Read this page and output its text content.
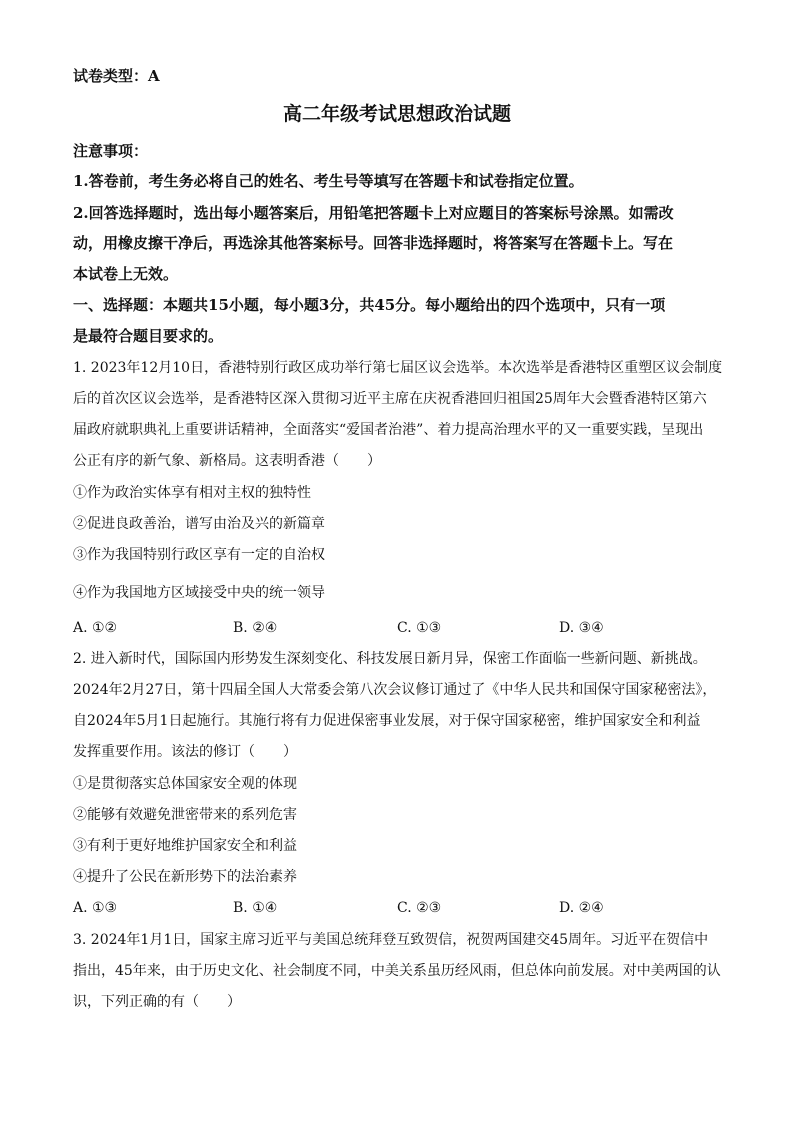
试卷类型：A
高二年级考试思想政治试题
注意事项：
1.答卷前，考生务必将自己的姓名、考生号等填写在答题卡和试卷指定位置。
2.回答选择题时，选出每小题答案后，用铅笔把答题卡上对应题目的答案标号涂黑。如需改
动，用橡皮擦干净后，再选涂其他答案标号。回答非选择题时，将答案写在答题卡上。写在
本试卷上无效。
一、选择题：本题共15小题，每小题3分，共45分。每小题给出的四个选项中，只有一项
是最符合题目要求的。
1. 2023年12月10日，香港特别行政区成功举行第七届区议会选举。本次选举是香港特区重塑区议会制度
后的首次区议会选举，是香港特区深入贯彻习近平主席在庆祝香港回归祖国25周年大会暨香港特区第六
届政府就职典礼上重要讲话精神，全面落实“爱国者治港”、着力提高治理水平的又一重要实践，呈现出
公正有序的新气象、新格局。这表明香港（　　）
①作为政治实体享有相对主权的独特性
②促进良政善治，谱写由治及兴的新篇章
③作为我国特别行政区享有一定的自治权
④作为我国地方区域接受中央的统一领导
A. ①②	B. ②④	C. ①③	D. ③④
2. 进入新时代，国际国内形势发生深刻变化、科技发展日新月异，保密工作面临一些新问题、新挑战。
2024年2月27日，第十四届全国人大常委会第八次会议修订通过了《中华人民共和国保守国家秘密法》，
自2024年5月1日起施行。其施行将有力促进保密事业发展，对于保守国家秘密，维护国家安全和利益
发挥重要作用。该法的修订（　　）
①是贯彻落实总体国家安全观的体现
②能够有效避免泄密带来的系列危害
③有利于更好地维护国家安全和利益
④提升了公民在新形势下的法治素养
A. ①③	B. ①④	C. ②③	D. ②④
3. 2024年1月1日，国家主席习近平与美国总统拜登互致贺信，祝贺两国建交45周年。习近平在贺信中
指出，45年来，由于历史文化、社会制度不同，中美关系虽历经风雨，但总体向前发展。对中美两国的认
识，下列正确的有（　　）
